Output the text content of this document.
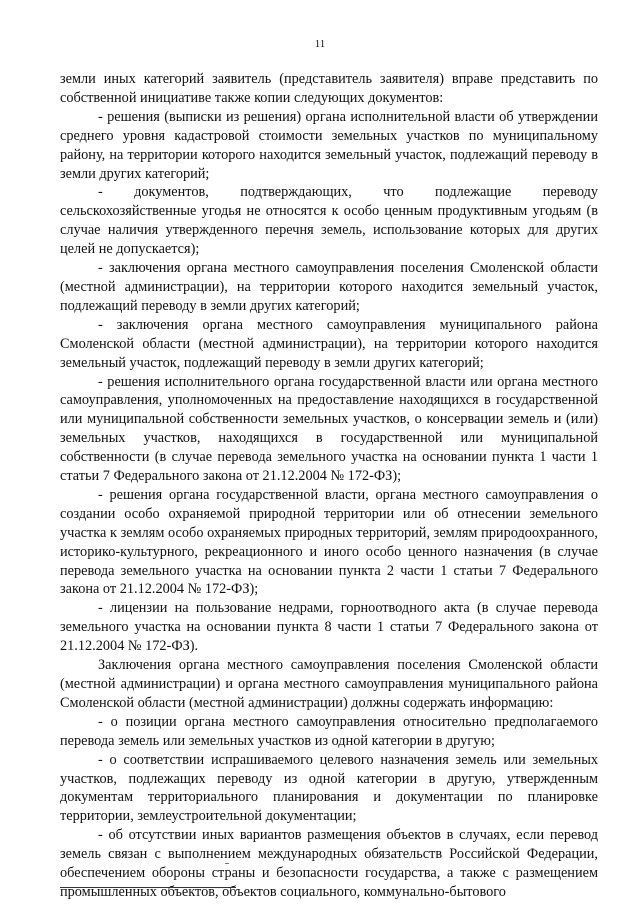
11

земли иных категорий заявитель (представитель заявителя) вправе представить по собственной инициативе также копии следующих документов:

- решения (выписки из решения) органа исполнительной власти об утверждении среднего уровня кадастровой стоимости земельных участков по муниципальному району, на территории которого находится земельный участок, подлежащий переводу в земли других категорий;

- документов, подтверждающих, что подлежащие переводу сельскохозяйственные угодья не относятся к особо ценным продуктивным угодьям (в случае наличия утвержденного перечня земель, использование которых для других целей не допускается);

- заключения органа местного самоуправления поселения Смоленской области (местной администрации), на территории которого находится земельный участок, подлежащий переводу в земли других категорий;

- заключения органа местного самоуправления муниципального района Смоленской области (местной администрации), на территории которого находится земельный участок, подлежащий переводу в земли других категорий;

- решения исполнительного органа государственной власти или органа местного самоуправления, уполномоченных на предоставление находящихся в государственной или муниципальной собственности земельных участков, о консервации земель и (или) земельных участков, находящихся в государственной или муниципальной собственности (в случае перевода земельного участка на основании пункта 1 части 1 статьи 7 Федерального закона от 21.12.2004 № 172-ФЗ);

- решения органа государственной власти, органа местного самоуправления о создании особо охраняемой природной территории или об отнесении земельного участка к землям особо охраняемых природных территорий, землям природоохранного, историко-культурного, рекреационного и иного особо ценного назначения (в случае перевода земельного участка на основании пункта 2 части 1 статьи 7 Федерального закона от 21.12.2004 № 172-ФЗ);

- лицензии на пользование недрами, горноотводного акта (в случае перевода земельного участка на основании пункта 8 части 1 статьи 7 Федерального закона от 21.12.2004 № 172-ФЗ).

Заключения органа местного самоуправления поселения Смоленской области (местной администрации) и органа местного самоуправления муниципального района Смоленской области (местной администрации) должны содержать информацию:

- о позиции органа местного самоуправления относительно предполагаемого перевода земель или земельных участков из одной категории в другую;

- о соответствии испрашиваемого целевого назначения земель или земельных участков, подлежащих переводу из одной категории в другую, утвержденным документам территориального планирования и документации по планировке территории, землеустроительной документации;

- об отсутствии иных вариантов размещения объектов в случаях, если перевод земель связан с выполнением международных обязательств Российской Федерации, обеспечением обороны страны и безопасности государства, а также с размещением промышленных объектов, объектов социального, коммунально-бытового
